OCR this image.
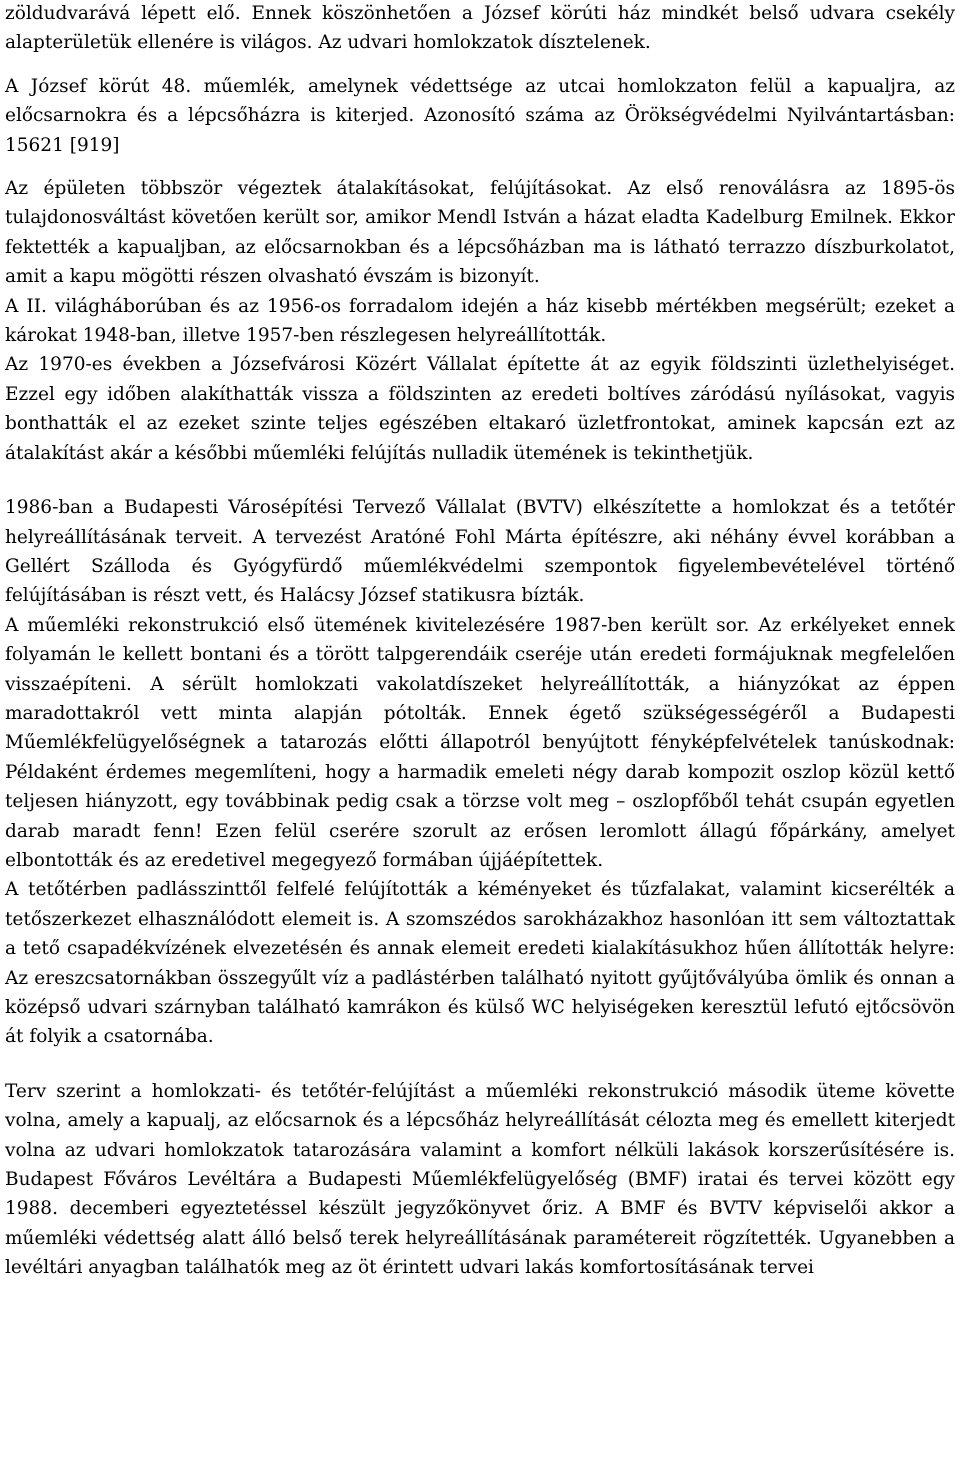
zöldudvarává lépett elő. Ennek köszönhetően a József körúti ház mindkét belső udvara csekély alapterületük ellenére is világos. Az udvari homlokzatok dísztelenek.

A József körút 48. műemlék, amelynek védettsége az utcai homlokzaton felül a kapualjra, az előcsarnokra és a lépcsőházra is kiterjed. Azonosító száma az Örökségvédelmi Nyilvántartásban: 15621 [919]

Az épületen többször végeztek átalakításokat, felújításokat. Az első renoválásra az 1895-ös tulajdonosváltást követően került sor, amikor Mendl István a házat eladta Kadelburg Emilnek. Ekkor fektették a kapualjban, az előcsarnokban és a lépcsőházban ma is látható terrazzo díszburkolatot, amit a kapu mögötti részen olvasható évszám is bizonyít.

A II. világháborúban és az 1956-os forradalom idején a ház kisebb mértékben megsérült; ezeket a károkat 1948-ban, illetve 1957-ben részlegesen helyreállították.

Az 1970-es években a Józsefvárosi Közért Vállalat építette át az egyik földszinti üzlethelyiséget. Ezzel egy időben alakíthatták vissza a földszinten az eredeti boltíves záródású nyílásokat, vagyis bonthatták el az ezeket szinte teljes egészében eltakaró üzletfrontokat, aminek kapcsán ezt az átalakítást akár a későbbi műemléki felújítás nulladik ütemének is tekinthetjük.

1986-ban a Budapesti Városépítési Tervező Vállalat (BVTV) elkészítette a homlokzat és a tetőtér helyreállításának terveit. A tervezést Aratóné Fohl Márta építészre, aki néhány évvel korábban a Gellért Szálloda és Gyógyfürdő műemlékvédelmi szempontok figyelembevételével történő felújításában is részt vett, és Halácsy József statikusra bízták.

A műemléki rekonstrukció első ütemének kivitelezésére 1987-ben került sor. Az erkélyeket ennek folyamán le kellett bontani és a törött talpgerendáik cseréje után eredeti formájuknak megfelelően visszaépíteni. A sérült homlokzati vakolatdíszeket helyreállították, a hiányzókat az éppen maradottakról vett minta alapján pótolták. Ennek égető szükségességéről a Budapesti Műemlékfelügyelőségnek a tatarozás előtti állapotról benyújtott fényképfelvételek tanúskodnak: Példaként érdemes megemlíteni, hogy a harmadik emeleti négy darab kompozit oszlop közül kettő teljesen hiányzott, egy továbbinak pedig csak a törzse volt meg – oszlopfőből tehát csupán egyetlen darab maradt fenn! Ezen felül cserére szorult az erősen leromlott állagú főpárkány, amelyet elbontották és az eredetivel megegyező formában újjáépítettek.

A tetőtérben padlásszinttől felfelé felújították a kéményeket és tűzfalakat, valamint kicserélték a tetőszerkezet elhasználódott elemeit is. A szomszédos sarokházakhoz hasonlóan itt sem változtattak a tető csapadékvízének elvezetésén és annak elemeit eredeti kialakításukhoz hűen állították helyre: Az ereszcsatornákban összegyűlt víz a padlástérben található nyitott gyűjtővályúba ömlik és onnan a középső udvari szárnyban található kamrákon és külső WC helyiségeken keresztül lefutó ejtőcsövön át folyik a csatornába.

Terv szerint a homlokzati- és tetőtér-felújítást a műemléki rekonstrukció második üteme követte volna, amely a kapualj, az előcsarnok és a lépcsőház helyreállítását célozta meg és emellett kiterjedt volna az udvari homlokzatok tatarozására valamint a komfort nélküli lakások korszerűsítésére is. Budapest Főváros Levéltára a Budapesti Műemlékfelügyelőség (BMF) iratai és tervei között egy 1988. decemberi egyeztetéssel készült jegyzőkönyvet őriz. A BMF és BVTV képviselői akkor a műemléki védettség alatt álló belső terek helyreállításának paramétereit rögzítették. Ugyanebben a levéltári anyagban találhatók meg az öt érintett udvari lakás komfortosításának tervei
